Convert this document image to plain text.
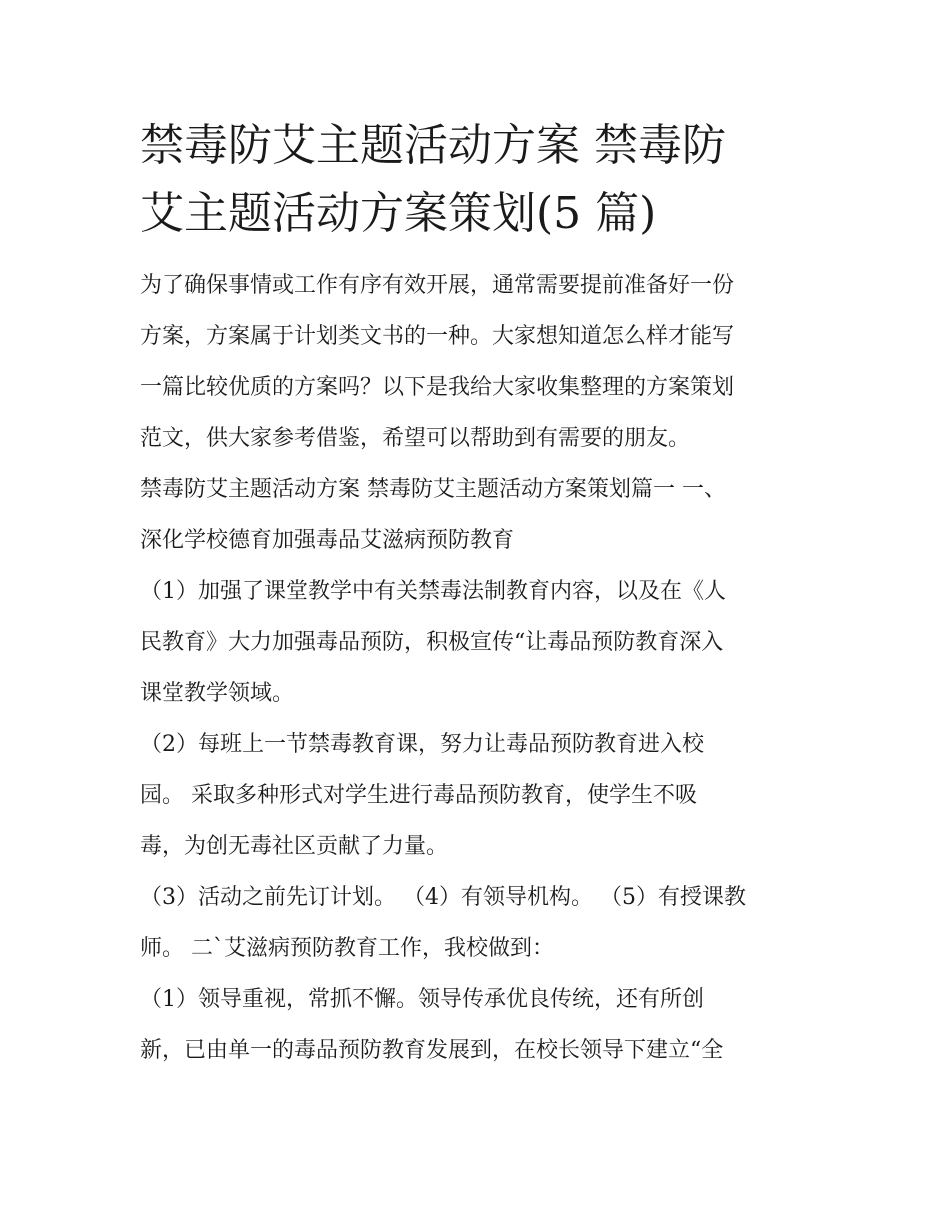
禁毒防艾主题活动方案 禁毒防
艾主题活动方案策划(5 篇)
为了确保事情或工作有序有效开展，通常需要提前准备好一份
方案，方案属于计划类文书的一种。大家想知道怎么样才能写
一篇比较优质的方案吗？以下是我给大家收集整理的方案策划
范文，供大家参考借鉴，希望可以帮助到有需要的朋友。
禁毒防艾主题活动方案 禁毒防艾主题活动方案策划篇一 一、
深化学校德育加强毒品艾滋病预防教育
（1）加强了课堂教学中有关禁毒法制教育内容，以及在《人
民教育》大力加强毒品预防，积极宣传“让毒品预防教育深入
课堂教学领域。
（2）每班上一节禁毒教育课，努力让毒品预防教育进入校
园。 采取多种形式对学生进行毒品预防教育，使学生不吸
毒，为创无毒社区贡献了力量。
（3）活动之前先订计划。 （4）有领导机构。 （5）有授课教
师。 二`艾滋病预防教育工作，我校做到：
（1）领导重视，常抓不懈。领导传承优良传统，还有所创
新，已由单一的毒品预防教育发展到，在校长领导下建立“全
